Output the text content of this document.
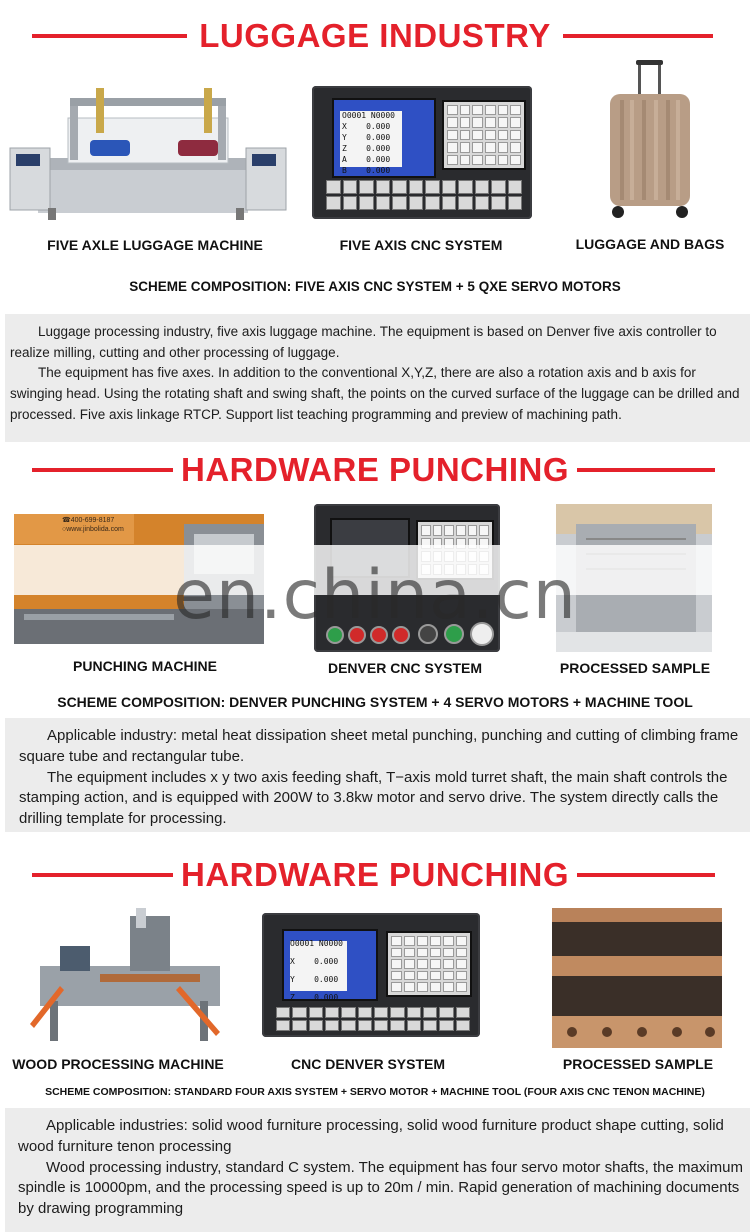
LUGGAGE INDUSTRY
O0001 N0000
X    0.000
Y    0.000
Z    0.000
A    0.000
B    0.000
FIVE AXLE LUGGAGE MACHINE	FIVE AXIS CNC SYSTEM	LUGGAGE AND BAGS
SCHEME COMPOSITION: FIVE AXIS CNC SYSTEM + 5 QXE SERVO MOTORS

Luggage processing industry, five axis luggage machine. The equipment is based on Denver five axis controller to realize milling, cutting and other processing of luggage.

The equipment has five axes. In addition to the conventional X,Y,Z, there are also a rotation axis and b axis for swinging head. Using the rotating shaft and swing shaft, the points on the curved surface of the luggage can be drilled and processed. Five axis linkage RTCP. Support list teaching programming and preview of machining path.

HARDWARE PUNCHING
☎400-699-8187
○www.jinbolida.com
en.china.cn
PUNCHING MACHINE	DENVER CNC SYSTEM	PROCESSED SAMPLE
SCHEME COMPOSITION: DENVER PUNCHING SYSTEM + 4 SERVO MOTORS + MACHINE TOOL

Applicable industry: metal heat dissipation sheet metal punching, punching and cutting of climbing frame square tube and rectangular tube.

The equipment includes x y two axis feeding shaft, T−axis mold turret shaft, the main shaft controls the stamping action, and is equipped with 200W to 3.8kw motor and servo drive. The system directly calls the drilling template for processing.

HARDWARE PUNCHING
O0001 N0000

X    0.000

Y    0.000

Z    0.000
WOOD PROCESSING MACHINE	CNC DENVER SYSTEM	PROCESSED SAMPLE
SCHEME COMPOSITION: STANDARD FOUR AXIS SYSTEM + SERVO MOTOR + MACHINE TOOL (FOUR AXIS CNC TENON MACHINE)

Applicable industries: solid wood furniture processing, solid wood furniture product shape cutting, solid wood furniture tenon processing

Wood processing industry, standard C system. The equipment has four servo motor shafts, the maximum spindle is 10000pm, and the processing speed is up to 20m / min. Rapid generation of machining documents by drawing programming
